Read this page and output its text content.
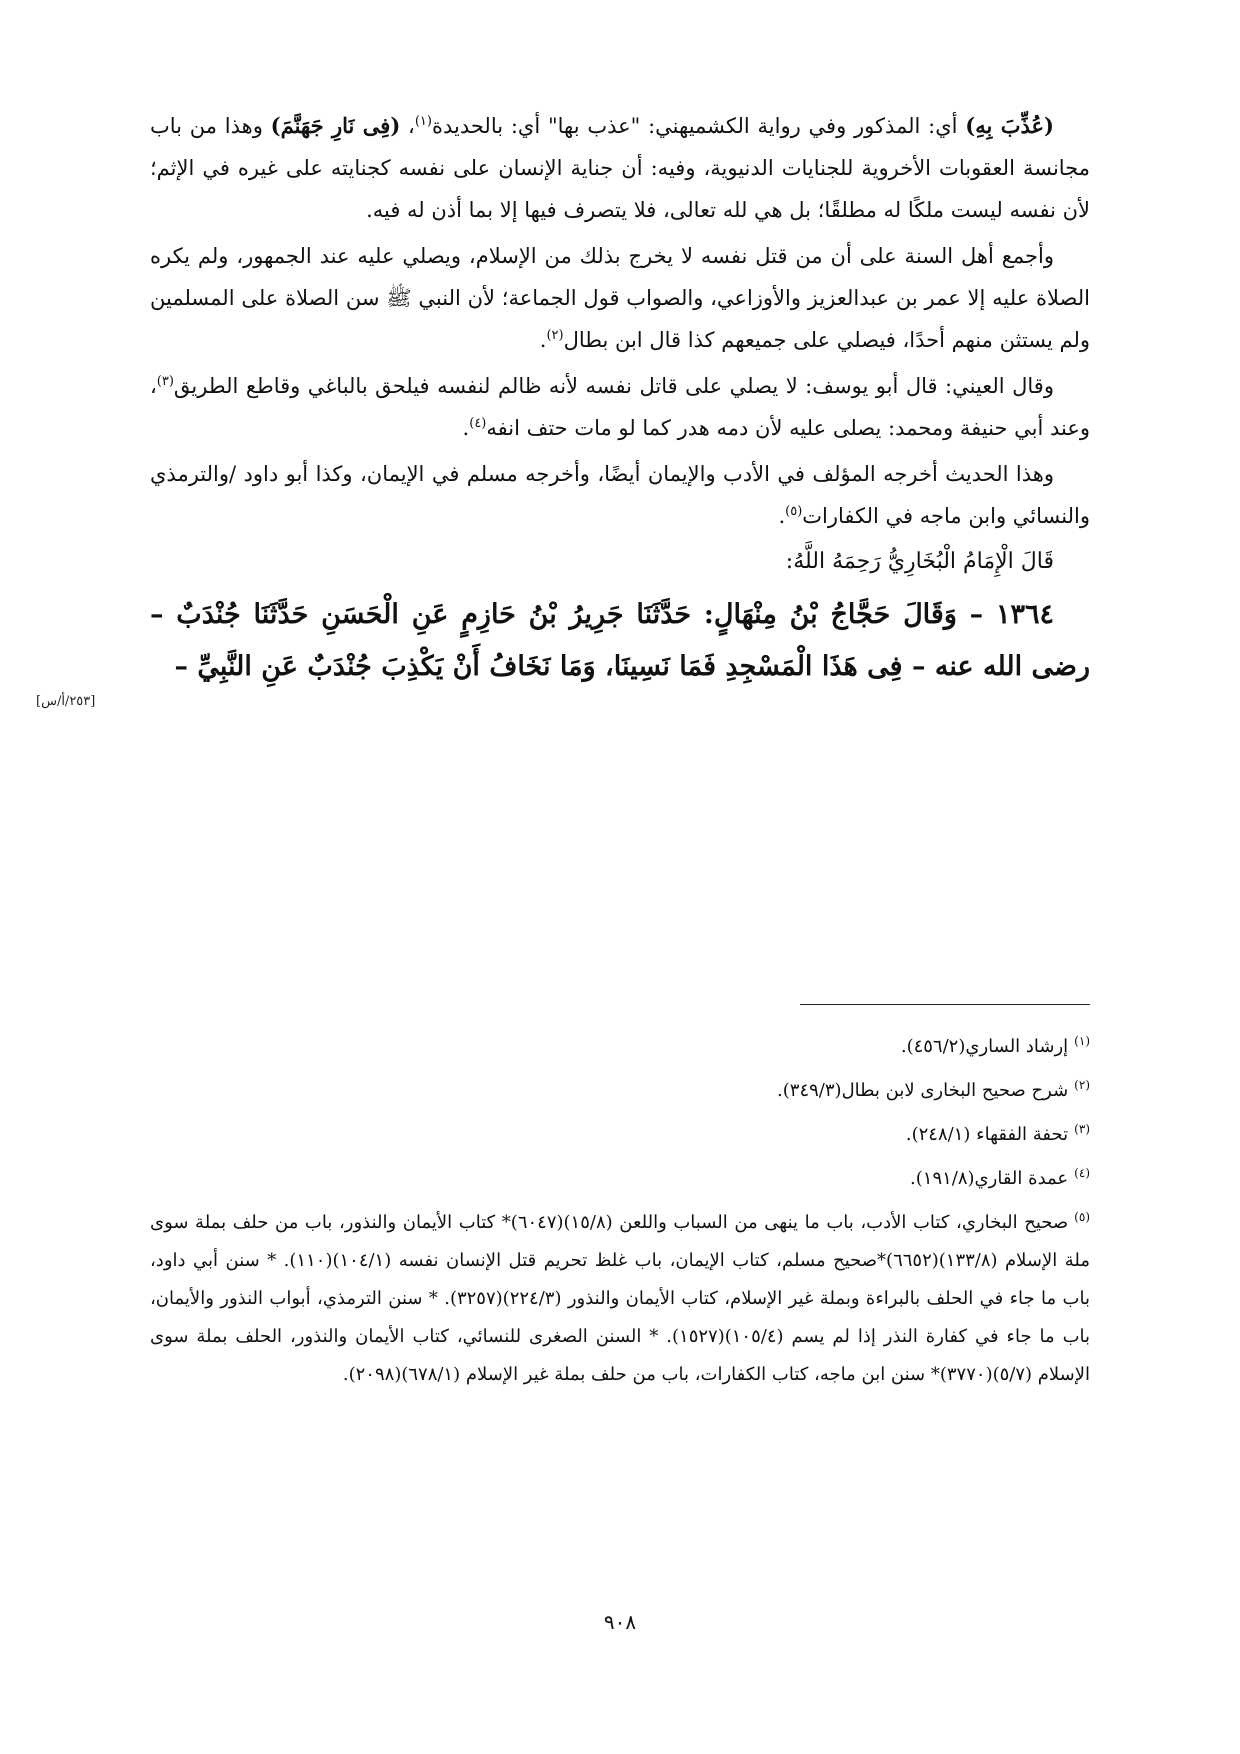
(عُذِّبَ بِهِ) أي: المذكور وفي رواية الكشميهني: "عذب بها" أي: بالحديدة$^{(١)}$، (فِى نَارِ جَهَنَّمَ) وهذا من باب مجانسة العقوبات الأخروية للجنايات الدنيوية، وفيه: أن جناية الإنسان على نفسه كجنايته على غيره في الإثم؛ لأن نفسه ليست ملكًا له مطلقًا؛ بل هي لله تعالى، فلا يتصرف فيها إلا بما أذن له فيه.

وأجمع أهل السنة على أن من قتل نفسه لا يخرج بذلك من الإسلام، ويصلي عليه عند الجمهور، ولم يكره الصلاة عليه إلا عمر بن عبدالعزيز والأوزاعي، والصواب قول الجماعة؛ لأن النبي ﷺ سن الصلاة على المسلمين ولم يستثن منهم أحدًا، فيصلي على جميعهم كذا قال ابن بطال$^{(٢)}$.

وقال العيني: قال أبو يوسف: لا يصلي على قاتل نفسه لأنه ظالم لنفسه فيلحق بالباغي وقاطع الطريق$^{(٣)}$، وعند أبي حنيفة ومحمد: يصلى عليه لأن دمه هدر كما لو مات حتف انفه$^{(٤)}$.

وهذا الحديث أخرجه المؤلف في الأدب والإيمان أيضًا، وأخرجه مسلم في الإيمان، وكذا أبو داود /والترمذي والنسائي وابن ماجه في الكفارات$^{(٥)}$.

قَالَ الْإِمَامُ الْبُخَارِيُّ رَحِمَهُ اللَّهُ:

١٣٦٤ – وَقَالَ حَجَّاجُ بْنُ مِنْهَالٍ: حَدَّثَنَا جَرِيرُ بْنُ حَازِمٍ عَنِ الْحَسَنِ حَدَّثَنَا جُنْدَبٌ – رضى الله عنه – فِى هَذَا الْمَسْجِدِ فَمَا نَسِينَا، وَمَا نَخَافُ أَنْ يَكْذِبَ جُنْدَبٌ عَنِ النَّبِيِّ –

[٢٥٣/أ/س]

$^{(١)}$إرشاد الساري(٤٥٦/٢).

$^{(٢)}$شرح صحيح البخارى لابن بطال(٣٤٩/٣).

$^{(٣)}$تحفة الفقهاء (٢٤٨/١).

$^{(٤)}$عمدة القاري(١٩١/٨).

$^{(٥)}$صحيح البخاري، كتاب الأدب، باب ما ينهى من السباب واللعن (١٥/٨)(٦٠٤٧)* كتاب الأيمان والنذور، باب من حلف بملة سوى ملة الإسلام (١٣٣/٨)(٦٦٥٢)*صحيح مسلم، كتاب الإيمان، باب غلظ تحريم قتل الإنسان نفسه (١٠٤/١)(١١٠). * سنن أبي داود، باب ما جاء في الحلف بالبراءة وبملة غير الإسلام، كتاب الأيمان والنذور (٢٢٤/٣)(٣٢٥٧). * سنن الترمذي، أبواب النذور والأيمان، باب ما جاء في كفارة النذر إذا لم يسم (١٠٥/٤)(١٥٢٧). * السنن الصغرى للنسائي، كتاب الأيمان والنذور، الحلف بملة سوى الإسلام (٥/٧)(٣٧٧٠)* سنن ابن ماجه، كتاب الكفارات، باب من حلف بملة غير الإسلام (٦٧٨/١)(٢٠٩٨).

٩٠٨
